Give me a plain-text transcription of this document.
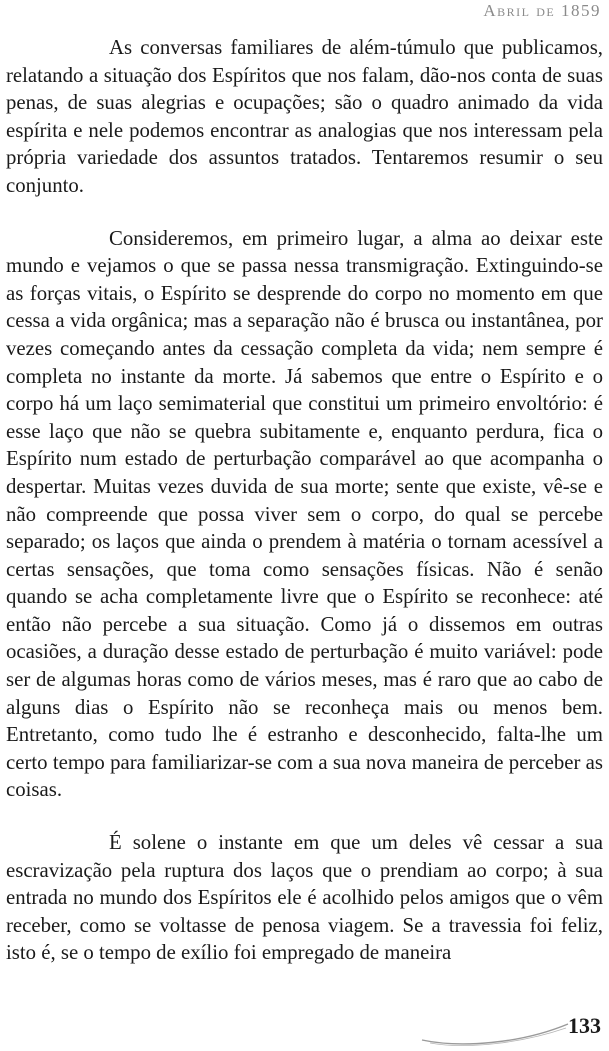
Abril de 1859

As conversas familiares de além-túmulo que publicamos, relatando a situação dos Espíritos que nos falam, dão-nos conta de suas penas, de suas alegrias e ocupações; são o quadro animado da vida espírita e nele podemos encontrar as analogias que nos interessam pela própria variedade dos assuntos tratados. Tentaremos resumir o seu conjunto.

Consideremos, em primeiro lugar, a alma ao deixar este mundo e vejamos o que se passa nessa transmigração. Extinguindo-se as forças vitais, o Espírito se desprende do corpo no momento em que cessa a vida orgânica; mas a separação não é brusca ou instantânea, por vezes começando antes da cessação completa da vida; nem sempre é completa no instante da morte. Já sabemos que entre o Espírito e o corpo há um laço semimaterial que constitui um primeiro envoltório: é esse laço que não se quebra subitamente e, enquanto perdura, fica o Espírito num estado de perturbação comparável ao que acompanha o despertar. Muitas vezes duvida de sua morte; sente que existe, vê-se e não compreende que possa viver sem o corpo, do qual se percebe separado; os laços que ainda o prendem à matéria o tornam acessível a certas sensações, que toma como sensações físicas. Não é senão quando se acha completamente livre que o Espírito se reconhece: até então não percebe a sua situação. Como já o dissemos em outras ocasiões, a duração desse estado de perturbação é muito variável: pode ser de algumas horas como de vários meses, mas é raro que ao cabo de alguns dias o Espírito não se reconheça mais ou menos bem. Entretanto, como tudo lhe é estranho e desconhecido, falta-lhe um certo tempo para familiarizar-se com a sua nova maneira de perceber as coisas.

É solene o instante em que um deles vê cessar a sua escravização pela ruptura dos laços que o prendiam ao corpo; à sua entrada no mundo dos Espíritos ele é acolhido pelos amigos que o vêm receber, como se voltasse de penosa viagem. Se a travessia foi feliz, isto é, se o tempo de exílio foi empregado de maneira

133
